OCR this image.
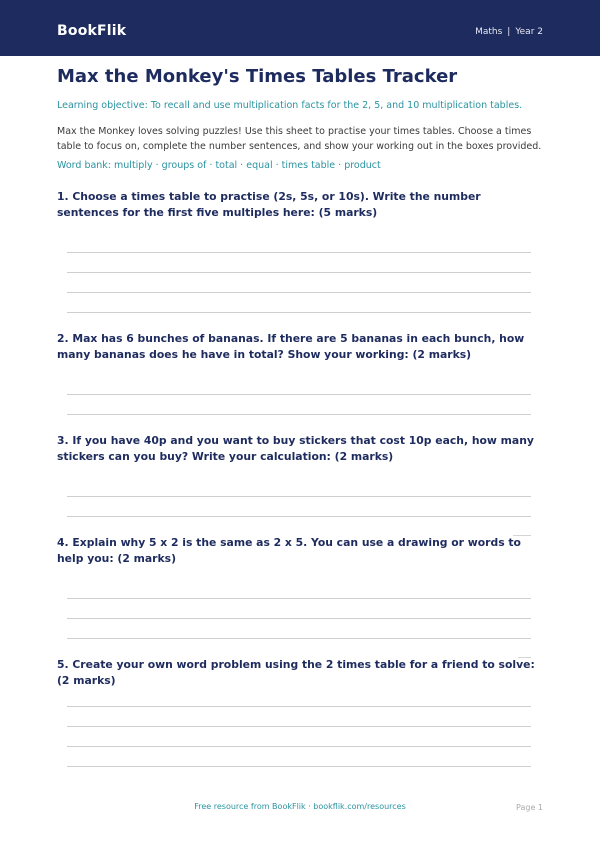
BookFlik	Maths | Year 2
Max the Monkey's Times Tables Tracker
Learning objective: To recall and use multiplication facts for the 2, 5, and 10 multiplication tables.
Max the Monkey loves solving puzzles! Use this sheet to practise your times tables. Choose a times table to focus on, complete the number sentences, and show your working out in the boxes provided.
Word bank: multiply · groups of · total · equal · times table · product

1. Choose a times table to practise (2s, 5s, or 10s). Write the number sentences for the first five multiples here: (5 marks)

2. Max has 6 bunches of bananas. If there are 5 bananas in each bunch, how many bananas does he have in total? Show your working: (2 marks)

3. If you have 40p and you want to buy stickers that cost 10p each, how many stickers can you buy? Write your calculation: (2 marks)

4. Explain why 5 x 2 is the same as 2 x 5. You can use a drawing or words to help you: (2 marks)

5. Create your own word problem using the 2 times table for a friend to solve: (2 marks)

Free resource from BookFlik · bookflik.com/resources	Page 1
